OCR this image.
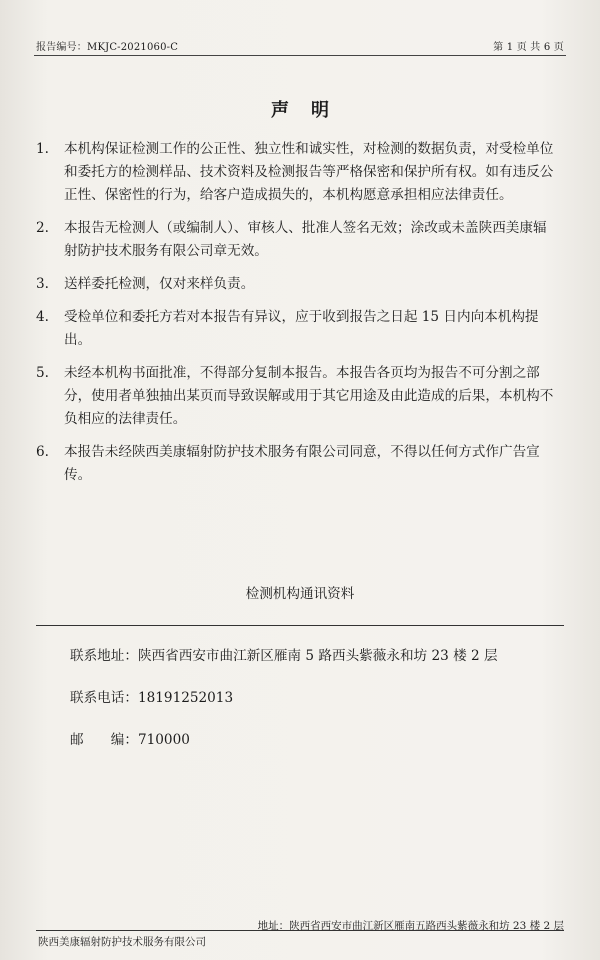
报告编号：MKJC-2021060-C	第 1 页 共 6 页
声明
1.	本机构保证检测工作的公正性、独立性和诚实性，对检测的数据负责，对受检单位和委托方的检测样品、技术资料及检测报告等严格保密和保护所有权。如有违反公正性、保密性的行为，给客户造成损失的，本机构愿意承担相应法律责任。
2.	本报告无检测人（或编制人）、审核人、批准人签名无效；涂改或未盖陕西美康辐射防护技术服务有限公司章无效。
3.	送样委托检测，仅对来样负责。
4.	受检单位和委托方若对本报告有异议，应于收到报告之日起 15 日内向本机构提出。
5.	未经本机构书面批准，不得部分复制本报告。本报告各页均为报告不可分割之部分，使用者单独抽出某页而导致误解或用于其它用途及由此造成的后果，本机构不负相应的法律责任。
6.	本报告未经陕西美康辐射防护技术服务有限公司同意，不得以任何方式作广告宣传。
检测机构通讯资料
联系地址：陕西省西安市曲江新区雁南 5 路西头紫薇永和坊 23 楼 2 层
联系电话：18191252013
邮　　编：710000
地址：陕西省西安市曲江新区雁南五路西头紫薇永和坊 23 楼 2 层
陕西美康辐射防护技术服务有限公司
